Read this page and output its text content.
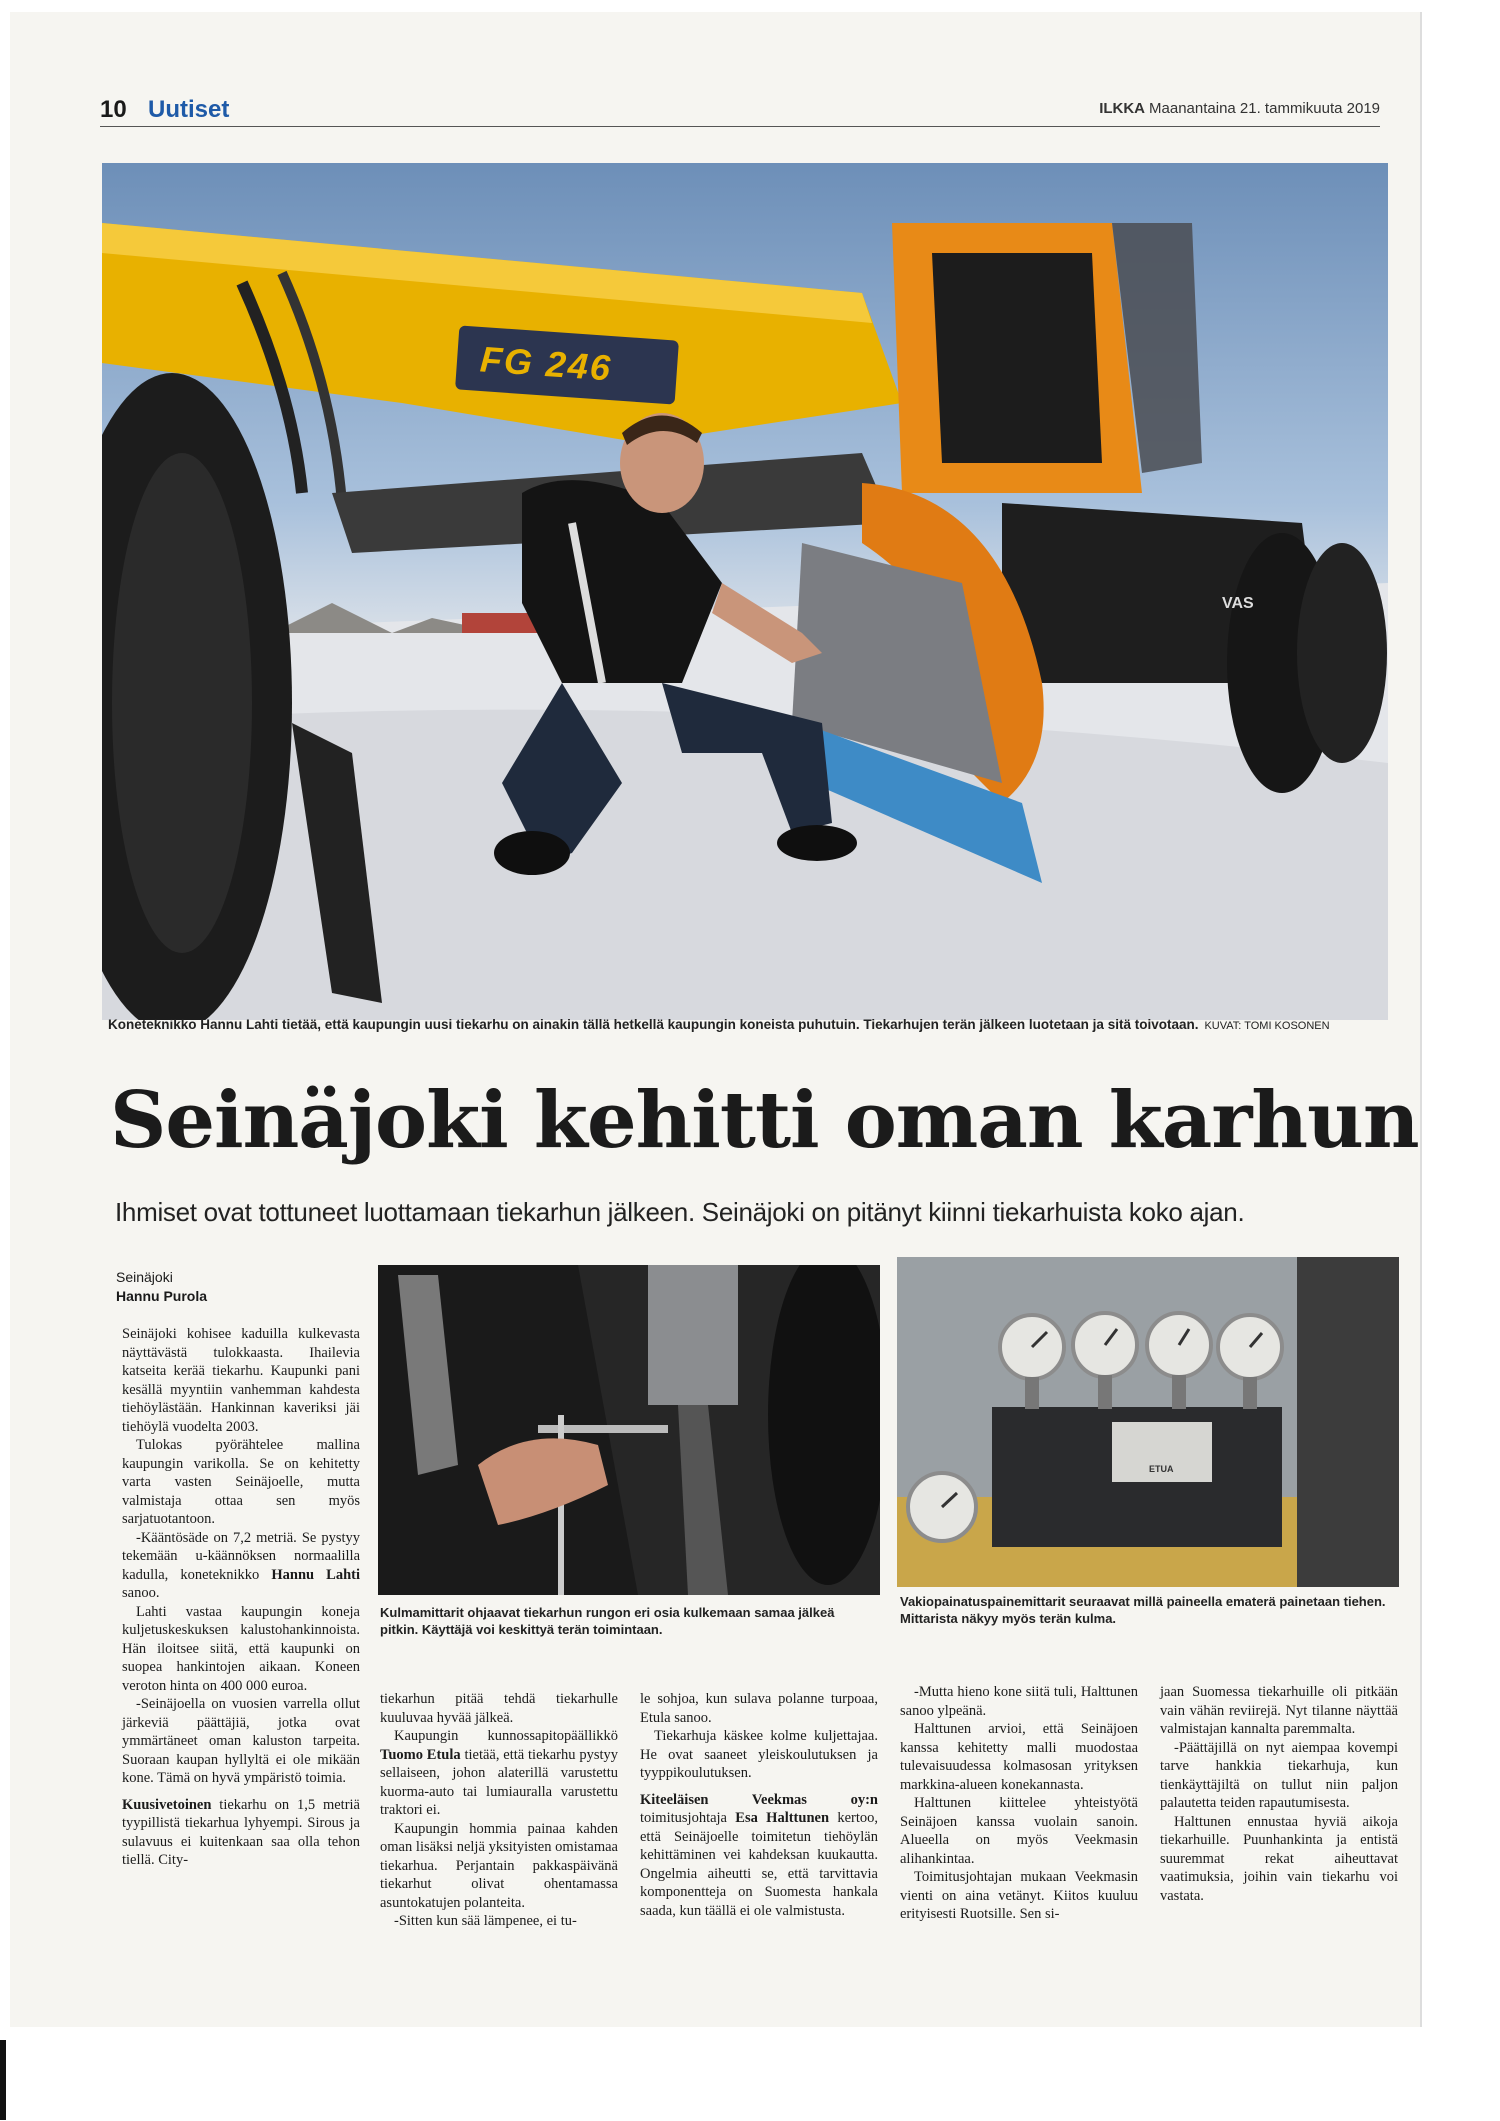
10 Uutiset	ILKKA Maanantaina 21. tammikuuta 2019
FG 246
VAS
Koneteknikko Hannu Lahti tietää, että kaupungin uusi tiekarhu on ainakin tällä hetkellä kaupungin koneista puhutuin. Tiekarhujen terän jälkeen luotetaan ja sitä toivotaan. KUVAT: TOMI KOSONEN
Seinäjoki kehitti oman karhun
Ihmiset ovat tottuneet luottamaan tiekarhun jälkeen. Seinäjoki on pitänyt kiinni tiekarhuista koko ajan.
Seinäjoki
Hannu Purola
Kulmamittarit ohjaavat tiekarhun rungon eri osia kulkemaan samaa jälkeä pitkin. Käyttäjä voi keskittyä terän toimintaan.
ETUA
Vakiopainatuspainemittarit seuraavat millä paineella ematerä painetaan tiehen. Mittarista näkyy myös terän kulma.

Seinäjoki kohisee kaduilla kulkevasta näyttävästä tulokkaasta. Ihailevia katseita kerää tiekarhu. Kaupunki pani kesällä myyntiin vanhemman kahdesta tiehöylästään. Hankinnan kaveriksi jäi tiehöylä vuodelta 2003.

Tulokas pyörähtelee mallina kaupungin varikolla. Se on kehitetty varta vasten Seinäjoelle, mutta valmistaja ottaa sen myös sarjatuotantoon.

-Kääntösäde on 7,2 metriä. Se pystyy tekemään u-käännöksen normaalilla kadulla, koneteknikko Hannu Lahti sanoo.

Lahti vastaa kaupungin koneja kuljetuskeskuksen kalustohankinnoista. Hän iloitsee siitä, että kaupunki on suopea hankintojen aikaan. Koneen veroton hinta on 400 000 euroa.

-Seinäjoella on vuosien varrella ollut järkeviä päättäjiä, jotka ovat ymmärtäneet oman kaluston tarpeita. Suoraan kaupan hyllyltä ei ole mikään kone. Tämä on hyvä ympäristö toimia.

Kuusivetoinen tiekarhu on 1,5 metriä tyypillistä tiekarhua lyhyempi. Sirous ja sulavuus ei kuitenkaan saa olla tehon tiellä. City-

tiekarhun pitää tehdä tiekarhulle kuuluvaa hyvää jälkeä.

Kaupungin kunnossapitopäällikkö Tuomo Etula tietää, että tiekarhu pystyy sellaiseen, johon alaterillä varustettu kuorma-auto tai lumiauralla varustettu traktori ei.

Kaupungin hommia painaa kahden oman lisäksi neljä yksityisten omistamaa tiekarhua. Perjantain pakkaspäivänä tiekarhut olivat ohentamassa asuntokatujen polanteita.

-Sitten kun sää lämpenee, ei tu-

le sohjoa, kun sulava polanne turpoaa, Etula sanoo.

Tiekarhuja käskee kolme kuljettajaa. He ovat saaneet yleiskoulutuksen ja tyyppikoulutuksen.

Kiteeläisen Veekmas oy:n toimitusjohtaja Esa Halttunen kertoo, että Seinäjoelle toimitetun tiehöylän kehittäminen vei kahdeksan kuukautta. Ongelmia aiheutti se, että tarvittavia komponentteja on Suomesta hankala saada, kun täällä ei ole valmistusta.

-Mutta hieno kone siitä tuli, Halttunen sanoo ylpeänä.

Halttunen arvioi, että Seinäjoen kanssa kehitetty malli muodostaa tulevaisuudessa kolmasosan yrityksen markkina-alueen konekannasta.

Halttunen kiittelee yhteistyötä Seinäjoen kanssa vuolain sanoin. Alueella on myös Veekmasin alihankintaa.

Toimitusjohtajan mukaan Veekmasin vienti on aina vetänyt. Kiitos kuuluu erityisesti Ruotsille. Sen si-

jaan Suomessa tiekarhuille oli pitkään vain vähän reviirejä. Nyt tilanne näyttää valmistajan kannalta paremmalta.

-Päättäjillä on nyt aiempaa kovempi tarve hankkia tiekarhuja, kun tienkäyttäjiltä on tullut niin paljon palautetta teiden rapautumisesta.

Halttunen ennustaa hyviä aikoja tiekarhuille. Puunhankinta ja entistä suuremmat rekat aiheuttavat vaatimuksia, joihin vain tiekarhu voi vastata.
